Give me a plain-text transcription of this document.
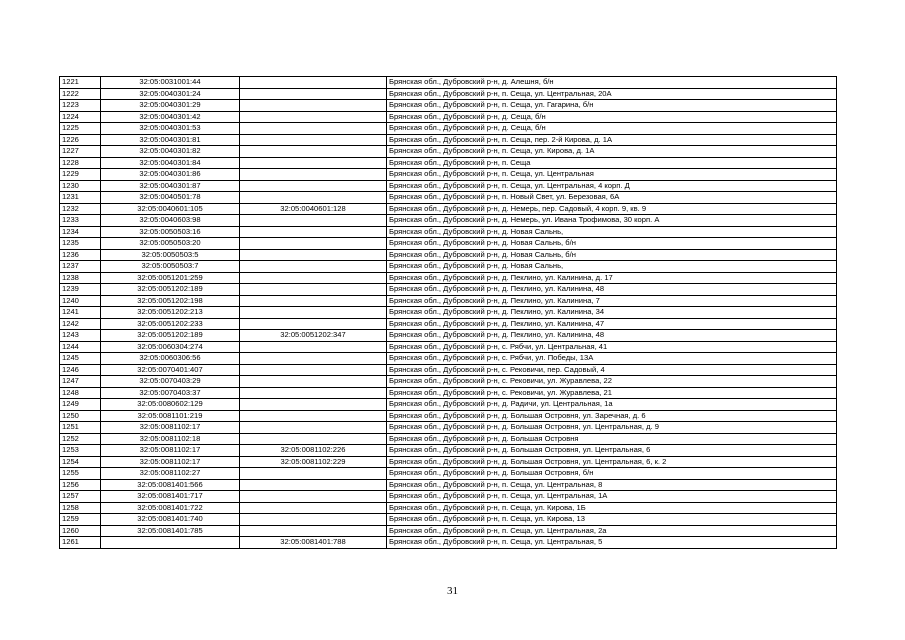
1221	32:05:0031001:44		Брянская обл., Дубровский р-н, д. Алешня, б/н
1222	32:05:0040301:24		Брянская обл., Дубровский р-н, п. Сеща, ул. Центральная, 20А
1223	32:05:0040301:29		Брянская обл., Дубровский р-н, п. Сеща, ул. Гагарина, б/н
1224	32:05:0040301:42		Брянская обл., Дубровский р-н, д. Сеща, б/н
1225	32:05:0040301:53		Брянская обл., Дубровский р-н, д. Сеща, б/н
1226	32:05:0040301:81		Брянская обл., Дубровский р-н, п. Сеща, пер. 2-й Кирова, д. 1А
1227	32:05:0040301:82		Брянская обл., Дубровский р-н, п. Сеща, ул. Кирова, д. 1А
1228	32:05:0040301:84		Брянская обл., Дубровский р-н, п. Сеща
1229	32:05:0040301:86		Брянская обл., Дубровский р-н, п. Сеща, ул. Центральная
1230	32:05:0040301:87		Брянская обл., Дубровский р-н, п. Сеща, ул. Центральная, 4 корп. Д
1231	32:05:0040501:78		Брянская обл., Дубровский р-н, п. Новый Свет, ул. Березовая, 6А
1232	32:05:0040601:105	32:05:0040601:128	Брянская обл., Дубровский р-н, д. Немерь, пер. Садовый, 4 корп. 9, кв. 9
1233	32:05:0040603:98		Брянская обл., Дубровский р-н, д. Немерь, ул. Ивана Трофимова, 30 корп. А
1234	32:05:0050503:16		Брянская обл., Дубровский р-н, д. Новая Сальнь,
1235	32:05:0050503:20		Брянская обл., Дубровский р-н, д. Новая Сальнь, б/н
1236	32:05:0050503:5		Брянская обл., Дубровский р-н, д. Новая Сальнь, б/н
1237	32:05:0050503:7		Брянская обл., Дубровский р-н, д. Новая Сальнь,
1238	32:05:0051201:259		Брянская обл., Дубровский р-н, д. Пеклино, ул. Калинина, д. 17
1239	32:05:0051202:189		Брянская обл., Дубровский р-н, д. Пеклино, ул. Калинина, 48
1240	32:05:0051202:198		Брянская обл., Дубровский р-н, д. Пеклино, ул. Калинина, 7
1241	32:05:0051202:213		Брянская обл., Дубровский р-н, д. Пеклино, ул. Калинина, 34
1242	32:05:0051202:233		Брянская обл., Дубровский р-н, д. Пеклино, ул. Калинина, 47
1243	32:05:0051202:189	32:05:0051202:347	Брянская обл., Дубровский р-н, д. Пеклино, ул. Калинина, 48
1244	32:05:0060304:274		Брянская обл., Дубровский р-н, с. Рябчи, ул. Центральная, 41
1245	32:05:0060306:56		Брянская обл., Дубровский р-н, с. Рябчи, ул. Победы, 13А
1246	32:05:0070401:407		Брянская обл., Дубровский р-н, с. Рековичи, пер. Садовый, 4
1247	32:05:0070403:29		Брянская обл., Дубровский р-н, с. Рековичи, ул. Журавлева, 22
1248	32:05:0070403:37		Брянская обл., Дубровский р-н, с. Рековичи, ул. Журавлева, 21
1249	32:05:0080602:129		Брянская обл., Дубровский р-н, д. Радичи, ул. Центральная, 1а
1250	32:05:0081101:219		Брянская обл., Дубровский р-н, д. Большая Островня, ул. Заречная, д. 6
1251	32:05:0081102:17		Брянская обл., Дубровский р-н, д. Большая Островня, ул. Центральная, д. 9
1252	32:05:0081102:18		Брянская обл., Дубровский р-н, д. Большая Островня
1253	32:05:0081102:17	32:05:0081102:226	Брянская обл., Дубровский р-н, д. Большая Островня, ул. Центральная, 6
1254	32:05:0081102:17	32:05:0081102:229	Брянская обл., Дубровский р-н, д. Большая Островня, ул. Центральная, 6, к. 2
1255	32:05:0081102:27		Брянская обл., Дубровский р-н, д. Большая Островня, б/н
1256	32:05:0081401:566		Брянская обл., Дубровский р-н, п. Сеща, ул. Центральная, 8
1257	32:05:0081401:717		Брянская обл., Дубровский р-н, п. Сеща, ул. Центральная, 1А
1258	32:05:0081401:722		Брянская обл., Дубровский р-н, п. Сеща, ул. Кирова, 1Б
1259	32:05:0081401:740		Брянская обл., Дубровский р-н, п. Сеща, ул. Кирова, 13
1260	32:05:0081401:785		Брянская обл., Дубровский р-н, п. Сеща, ул. Центральная, 2а
1261		32:05:0081401:788	Брянская обл., Дубровский р-н, п. Сеща, ул. Центральная, 5
31
